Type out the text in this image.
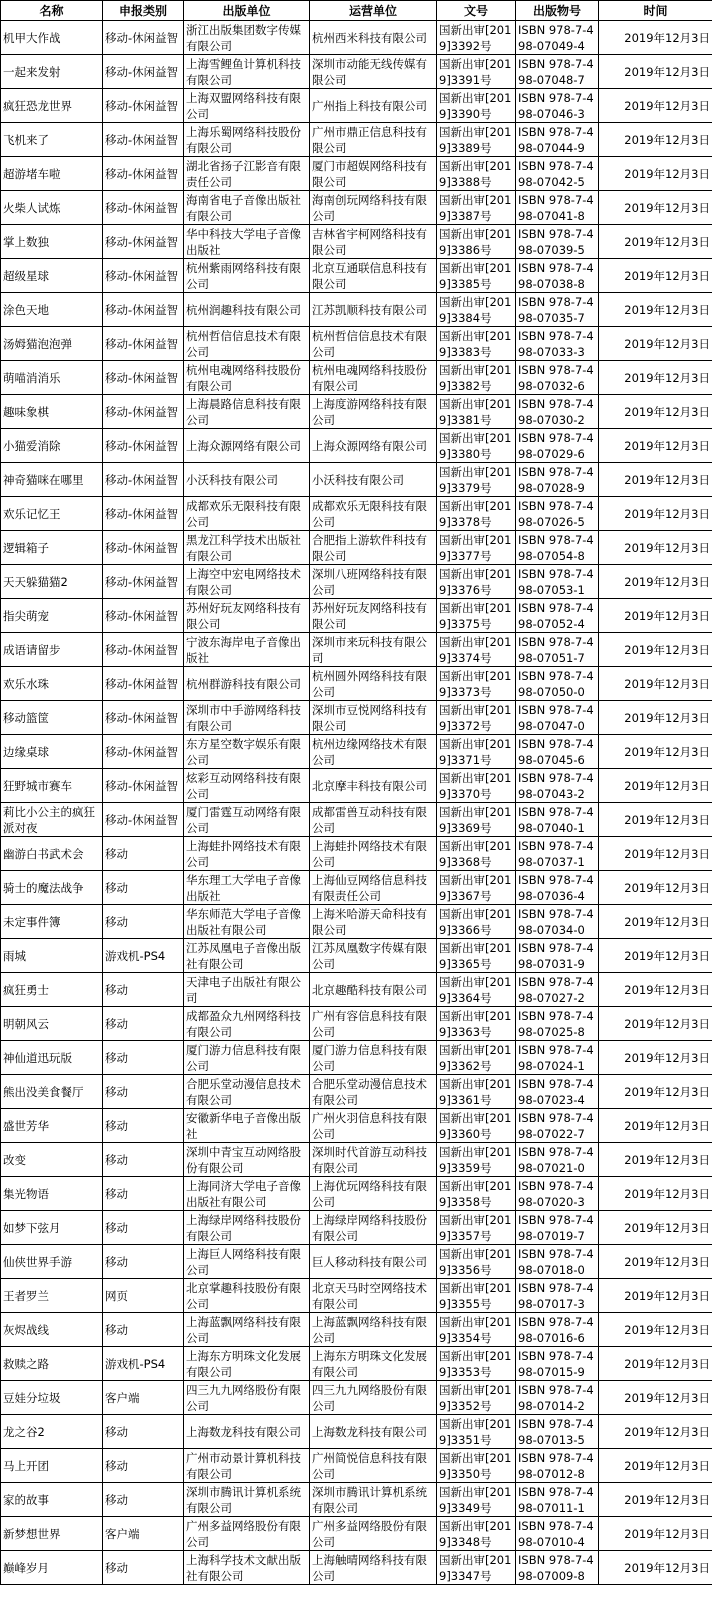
名称	申报类别	出版单位	运营单位	文号	出版物号	时间
机甲大作战	移动-休闲益智	浙江出版集团数字传媒有限公司	杭州西米科技有限公司	国新出审[2019]3392号	ISBN 978-7-498-07049-4	2019年12月3日
一起来发射	移动-休闲益智	上海雪鲤鱼计算机科技有限公司	深圳市动能无线传媒有限公司	国新出审[2019]3391号	ISBN 978-7-498-07048-7	2019年12月3日
疯狂恐龙世界	移动-休闲益智	上海双盟网络科技有限公司	广州指上科技有限公司	国新出审[2019]3390号	ISBN 978-7-498-07046-3	2019年12月3日
飞机来了	移动-休闲益智	上海乐蜀网络科技股份有限公司	广州市鼎正信息科技有限公司	国新出审[2019]3389号	ISBN 978-7-498-07044-9	2019年12月3日
超游堵车啦	移动-休闲益智	湖北省扬子江影音有限责任公司	厦门市超娱网络科技有限公司	国新出审[2019]3388号	ISBN 978-7-498-07042-5	2019年12月3日
火柴人试炼	移动-休闲益智	海南省电子音像出版社有限公司	海南创玩网络科技有限公司	国新出审[2019]3387号	ISBN 978-7-498-07041-8	2019年12月3日
掌上数独	移动-休闲益智	华中科技大学电子音像出版社	吉林省宇柯网络科技有限公司	国新出审[2019]3386号	ISBN 978-7-498-07039-5	2019年12月3日
超级星球	移动-休闲益智	杭州紫雨网络科技有限公司	北京互通联信息科技有限公司	国新出审[2019]3385号	ISBN 978-7-498-07038-8	2019年12月3日
涂色天地	移动-休闲益智	杭州润趣科技有限公司	江苏凯顺科技有限公司	国新出审[2019]3384号	ISBN 978-7-498-07035-7	2019年12月3日
汤姆猫泡泡弹	移动-休闲益智	杭州哲信信息技术有限公司	杭州哲信信息技术有限公司	国新出审[2019]3383号	ISBN 978-7-498-07033-3	2019年12月3日
萌喵消消乐	移动-休闲益智	杭州电魂网络科技股份有限公司	杭州电魂网络科技股份有限公司	国新出审[2019]3382号	ISBN 978-7-498-07032-6	2019年12月3日
趣味象棋	移动-休闲益智	上海晨路信息科技有限公司	上海度游网络科技有限公司	国新出审[2019]3381号	ISBN 978-7-498-07030-2	2019年12月3日
小猫爱消除	移动-休闲益智	上海众源网络有限公司	上海众源网络有限公司	国新出审[2019]3380号	ISBN 978-7-498-07029-6	2019年12月3日
神奇猫咪在哪里	移动-休闲益智	小沃科技有限公司	小沃科技有限公司	国新出审[2019]3379号	ISBN 978-7-498-07028-9	2019年12月3日
欢乐记忆王	移动-休闲益智	成都欢乐无限科技有限公司	成都欢乐无限科技有限公司	国新出审[2019]3378号	ISBN 978-7-498-07026-5	2019年12月3日
逻辑箱子	移动-休闲益智	黑龙江科学技术出版社有限公司	合肥指上游软件科技有限公司	国新出审[2019]3377号	ISBN 978-7-498-07054-8	2019年12月3日
天天躲猫猫2	移动-休闲益智	上海空中宏电网络技术有限公司	深圳八班网络科技有限公司	国新出审[2019]3376号	ISBN 978-7-498-07053-1	2019年12月3日
指尖萌宠	移动-休闲益智	苏州好玩友网络科技有限公司	苏州好玩友网络科技有限公司	国新出审[2019]3375号	ISBN 978-7-498-07052-4	2019年12月3日
成语请留步	移动-休闲益智	宁波东海岸电子音像出版社	深圳市来玩科技有限公司	国新出审[2019]3374号	ISBN 978-7-498-07051-7	2019年12月3日
欢乐水珠	移动-休闲益智	杭州群游科技有限公司	杭州圆外网络科技有限公司	国新出审[2019]3373号	ISBN 978-7-498-07050-0	2019年12月3日
移动篮筐	移动-休闲益智	深圳市中手游网络科技有限公司	深圳市豆悦网络科技有限公司	国新出审[2019]3372号	ISBN 978-7-498-07047-0	2019年12月3日
边缘桌球	移动-休闲益智	东方星空数字娱乐有限公司	杭州边缘网络技术有限公司	国新出审[2019]3371号	ISBN 978-7-498-07045-6	2019年12月3日
狂野城市赛车	移动-休闲益智	炫彩互动网络科技有限公司	北京摩丰科技有限公司	国新出审[2019]3370号	ISBN 978-7-498-07043-2	2019年12月3日
莉比小公主的疯狂派对夜	移动-休闲益智	厦门雷霆互动网络有限公司	成都雷兽互动科技有限公司	国新出审[2019]3369号	ISBN 978-7-498-07040-1	2019年12月3日
幽游白书武术会	移动	上海蛙扑网络技术有限公司	上海蛙扑网络技术有限公司	国新出审[2019]3368号	ISBN 978-7-498-07037-1	2019年12月3日
骑士的魔法战争	移动	华东理工大学电子音像出版社	上海仙豆网络信息科技有限责任公司	国新出审[2019]3367号	ISBN 978-7-498-07036-4	2019年12月3日
未定事件簿	移动	华东师范大学电子音像出版社有限公司	上海米哈游天命科技有限公司	国新出审[2019]3366号	ISBN 978-7-498-07034-0	2019年12月3日
雨城	游戏机-PS4	江苏凤凰电子音像出版社有限公司	江苏凤凰数字传媒有限公司	国新出审[2019]3365号	ISBN 978-7-498-07031-9	2019年12月3日
疯狂勇士	移动	天津电子出版社有限公司	北京趣酷科技有限公司	国新出审[2019]3364号	ISBN 978-7-498-07027-2	2019年12月3日
明朝风云	移动	成都盈众九州网络科技有限公司	广州有容信息科技有限公司	国新出审[2019]3363号	ISBN 978-7-498-07025-8	2019年12月3日
神仙道迅玩版	移动	厦门游力信息科技有限公司	厦门游力信息科技有限公司	国新出审[2019]3362号	ISBN 978-7-498-07024-1	2019年12月3日
熊出没美食餐厅	移动	合肥乐堂动漫信息技术有限公司	合肥乐堂动漫信息技术有限公司	国新出审[2019]3361号	ISBN 978-7-498-07023-4	2019年12月3日
盛世芳华	移动	安徽新华电子音像出版社	广州火羽信息科技有限公司	国新出审[2019]3360号	ISBN 978-7-498-07022-7	2019年12月3日
改变	移动	深圳中青宝互动网络股份有限公司	深圳时代首游互动科技有限公司	国新出审[2019]3359号	ISBN 978-7-498-07021-0	2019年12月3日
集光物语	移动	上海同济大学电子音像出版社有限公司	上海优玩网络科技有限公司	国新出审[2019]3358号	ISBN 978-7-498-07020-3	2019年12月3日
如梦下弦月	移动	上海绿岸网络科技股份有限公司	上海绿岸网络科技股份有限公司	国新出审[2019]3357号	ISBN 978-7-498-07019-7	2019年12月3日
仙侠世界手游	移动	上海巨人网络科技有限公司	巨人移动科技有限公司	国新出审[2019]3356号	ISBN 978-7-498-07018-0	2019年12月3日
王者罗兰	网页	北京掌趣科技股份有限公司	北京天马时空网络技术有限公司	国新出审[2019]3355号	ISBN 978-7-498-07017-3	2019年12月3日
灰烬战线	移动	上海蓝飘网络科技有限公司	上海蓝飘网络科技有限公司	国新出审[2019]3354号	ISBN 978-7-498-07016-6	2019年12月3日
救赎之路	游戏机-PS4	上海东方明珠文化发展有限公司	上海东方明珠文化发展有限公司	国新出审[2019]3353号	ISBN 978-7-498-07015-9	2019年12月3日
豆娃分垃圾	客户端	四三九九网络股份有限公司	四三九九网络股份有限公司	国新出审[2019]3352号	ISBN 978-7-498-07014-2	2019年12月3日
龙之谷2	移动	上海数龙科技有限公司	上海数龙科技有限公司	国新出审[2019]3351号	ISBN 978-7-498-07013-5	2019年12月3日
马上开团	移动	广州市动景计算机科技有限公司	广州简悦信息科技有限公司	国新出审[2019]3350号	ISBN 978-7-498-07012-8	2019年12月3日
家的故事	移动	深圳市腾讯计算机系统有限公司	深圳市腾讯计算机系统有限公司	国新出审[2019]3349号	ISBN 978-7-498-07011-1	2019年12月3日
新梦想世界	客户端	广州多益网络股份有限公司	广州多益网络股份有限公司	国新出审[2019]3348号	ISBN 978-7-498-07010-4	2019年12月3日
巅峰岁月	移动	上海科学技术文献出版社有限公司	上海触晴网络科技有限公司	国新出审[2019]3347号	ISBN 978-7-498-07009-8	2019年12月3日
